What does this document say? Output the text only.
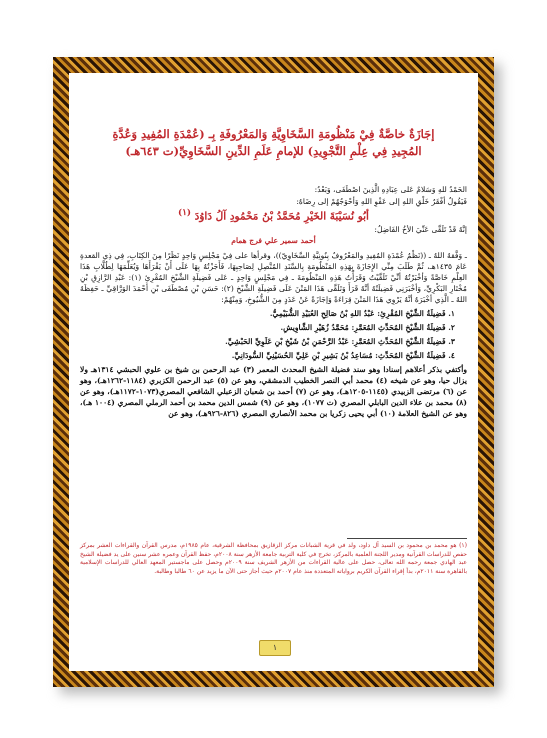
إجَازَةٌ خاصَّةٌ فِيْ مَنْظُومَةِ السَّخَاوِيَّةِ وَالمَعْرُوفَةِ بِـ (عُمْدَةِ المُفِيدِ وَعُدَّةِ
المُجِيدِ فِي عِلْمِ التَّجْوِيدِ) للإمامِ عَلَمِ الدِّينِ السَّخَاوِيِّ(ت ٦٤٣هـ)
الحَمْدُ للهِ وَسَلامٌ عَلى عِبَادِهِ الَّذِينَ اصْطَفَى، وَبَعْدُ:
فَيَقُولُ أفْقَرُ خَلْقِ اللهِ إلى عَفْوِ اللهِ وَأحْوَجُهُمْ إلى رِضَاهُ:
أبُو نُسَيْبَةَ الخَيْرِ مُحَمَّدُ بْنُ مَحْمُودِ آلُ دَاوُدَ $^{(١)}$
إنَّهُ قَدْ تَلَقَّى عَنِّيَ الأخُ الفَاضِلُ:
أحمد سمير علي فرج همام

ـ وَفَّقهُ اللهُ ـ ((نَظْمُ عُمْدَةِ المُفِيدِ والمَعْرُوفُ بِنُونِيَّةِ السَّخَاوِيّ))، وقرأها على فِيْ مَجْلِسٍ وَاحِدٍ نَظَرًا مِنَ الكِتَابِ، فِي ذِي القعدةِ عَامَ ١٤٣٥هـ، ثُمَّ طَلَبَ مِنِّي الإِجَازَةَ بِهَذِهِ المَنْظُومَةِ بِالسَّنَدِ المُتَّصِلِ لِصَاحِبِهَا، فَأَجَزْتُهُ بِهَا عَلَى أَنْ يَقْرَأَهَا وَيُعَلِّمَهَا لِطُلَّابِ هَذَا العِلْمِ خَاصَّةً وَأخْبَرْتُهُ أنِّيْ تَلَقَّيْتُ وَقَرَأْتُ هَذِهِ المَنْظُومَةَ ـ فِي مَجْلِسٍ وَاحِدٍ ـ عَلى فَضِيلَةِ الشَّيْخِ المُقْرِئِ (١): عَبْدِ الرَّازِقِ بْنِ مُخْتَارِ البَكْرِيِّ، وَأخْبَرَنِي فَضِيلَتُهُ أنَّهُ قَرَأَ وَتَلَقَّى هَذَا المَتْنَ عَلَى فَضِيلَةِ الشَّيْخِ (٢): حَسَنِ بْنِ مُصْطَفَى بْنِ أحْمَدَ الوَرَّاقِيِّ ـ حَفِظَهُ اللهُ ـ الَّذِي أخْبَرَهُ أنَّهُ يَرْوِي هَذَا المَتْنَ قِرَاءَةً وَإجَازَةً عَنْ عَدَدٍ مِنَ الشُّيُوخِ، وَمِنْهُمْ:

١. فَضِيلَةُ الشَّيْخِ المُقْرِئِ: عَبْدُ اللهِ بْنُ صَالِحِ العُبَيْدِ الشُّبَيْمِيُّ.
٢. فَضِيلَةُ الشَّيْخِ المُحَدِّثِ المُعَمَّرِ: مُحَمَّدُ زُهَيْرِ الشَّاوِيشِ.
٣. فَضِيلَةُ الشَّيْخِ المُحَدِّثِ المُعَمَّرِ: عَبْدُ الرَّحْمَنِ بْنُ شَيْخِ بْنِ عَلَوِيِّ الحَبْشِيِّ.
٤. فَضِيلَةُ الشَّيْخِ المُحَدِّثِ: مُسَاعِدُ بْنُ بَشِيرِ بْنِ عَلِيِّ الحُسَيْنِيِّ السُّودَانِيِّ.

وأكتفي بذكر أعلاهم إسنادا وهو سند فضيلة الشيخ المحدث المعمر (٣) عبد الرحمن بن شيخ بن علوي الحبشي ١٣١٤هـ ولا يزال حيا، وهو عن شيخه (٤) محمد أبي النصر الخطيب الدمشقي، وهو عن (٥) عبد الرحمن الكزبري (١١٨٤-١٢٦٢هـ)، وهو عن (٦) مرتضى الزبيدي (١١٤٥-١٢٠٥هـ)، وهو عن (٧) أحمد بن شعبان الزعبلي الشافعي المصري(١٠٧٣-١١٧٢هـ)، وهو عن (٨) محمد بن علاء الدين البابلي المصري (ت ١٠٧٧)، وهو عن (٩) شمس الدين محمد بن أحمد الرملي المصري (١٠٠٤ هـ)، وهو عن الشيخ العلامة (١٠) أبي يحيى زكريا بن محمد الأنصاري المصري (٨٢٦-٩٢٦هـ)، وهو عن

(١) هو محمد بن محمود بن السيد آل داود، ولد في قرية الشبانات مركز الزقازيق بمحافظة الشرقية، عام ١٩٨٥م، مدرس القرآن والقراءات العشر بمركز حفص للدراسات القرآنية ومدير اللجنة العلمية بالمركز، تخرج في كلية التربية جامعة الأزهر سنة ٢٠٠٨م، حفظ القرآن وعمره عشر سنين على يد فضيلة الشيخ عبد الهادي جمعة رحمه الله تعالى، حصل على عالية القراءات من الأزهر الشريف سنة ٢٠٠٩م وحصل على ماجستير المعهد العالي للدراسات الإسلامية بالقاهرة سنة ٢٠١١م، بدأ إقراء القرآن الكريم برواياته المتعددة منذ عام ٢٠٠٧م حيث أجاز حتى الآن ما يزيد عن ٦٠ طالبا وطالبة.
١
